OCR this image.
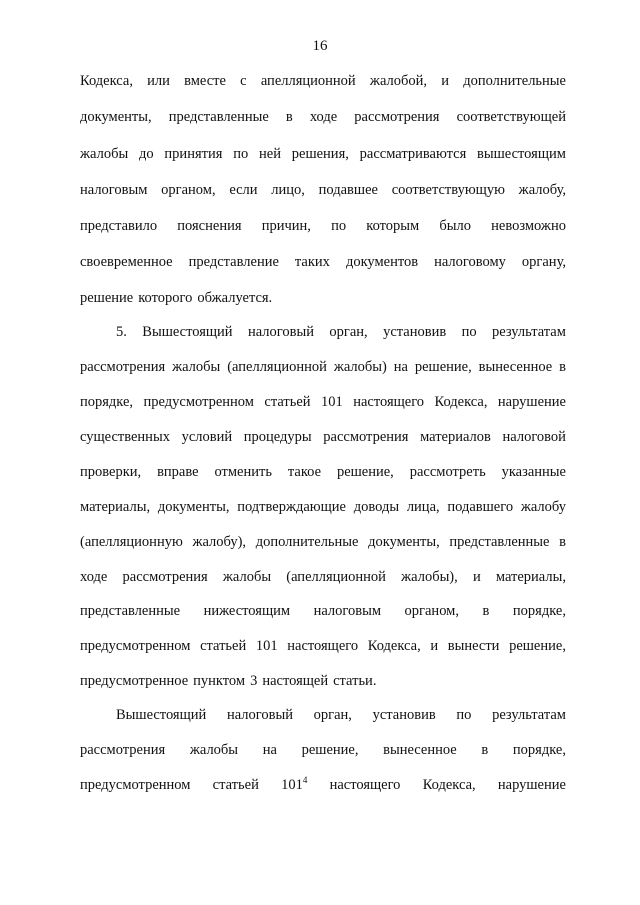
16
Кодекса, или вместе с апелляционной жалобой, и дополнительные
документы, представленные в ходе рассмотрения соответствующей
жалобы до принятия по ней решения, рассматриваются вышестоящим
налоговым органом, если лицо, подавшее соответствующую жалобу,
представило пояснения причин, по которым было невозможно
своевременное представление таких документов налоговому органу,
решение которого обжалуется.
5. Вышестоящий налоговый орган, установив по результатам
рассмотрения жалобы (апелляционной жалобы) на решение, вынесенное в
порядке, предусмотренном статьей 101 настоящего Кодекса, нарушение
существенных условий процедуры рассмотрения материалов налоговой
проверки, вправе отменить такое решение, рассмотреть указанные
материалы, документы, подтверждающие доводы лица, подавшего жалобу
(апелляционную жалобу), дополнительные документы, представленные в
ходе рассмотрения жалобы (апелляционной жалобы), и материалы,
представленные нижестоящим налоговым органом, в порядке,
предусмотренном статьей 101 настоящего Кодекса, и вынести решение,
предусмотренное пунктом 3 настоящей статьи.
Вышестоящий налоговый орган, установив по результатам
рассмотрения жалобы на решение, вынесенное в порядке,
предусмотренном статьей $101^4$ настоящего Кодекса, нарушение
